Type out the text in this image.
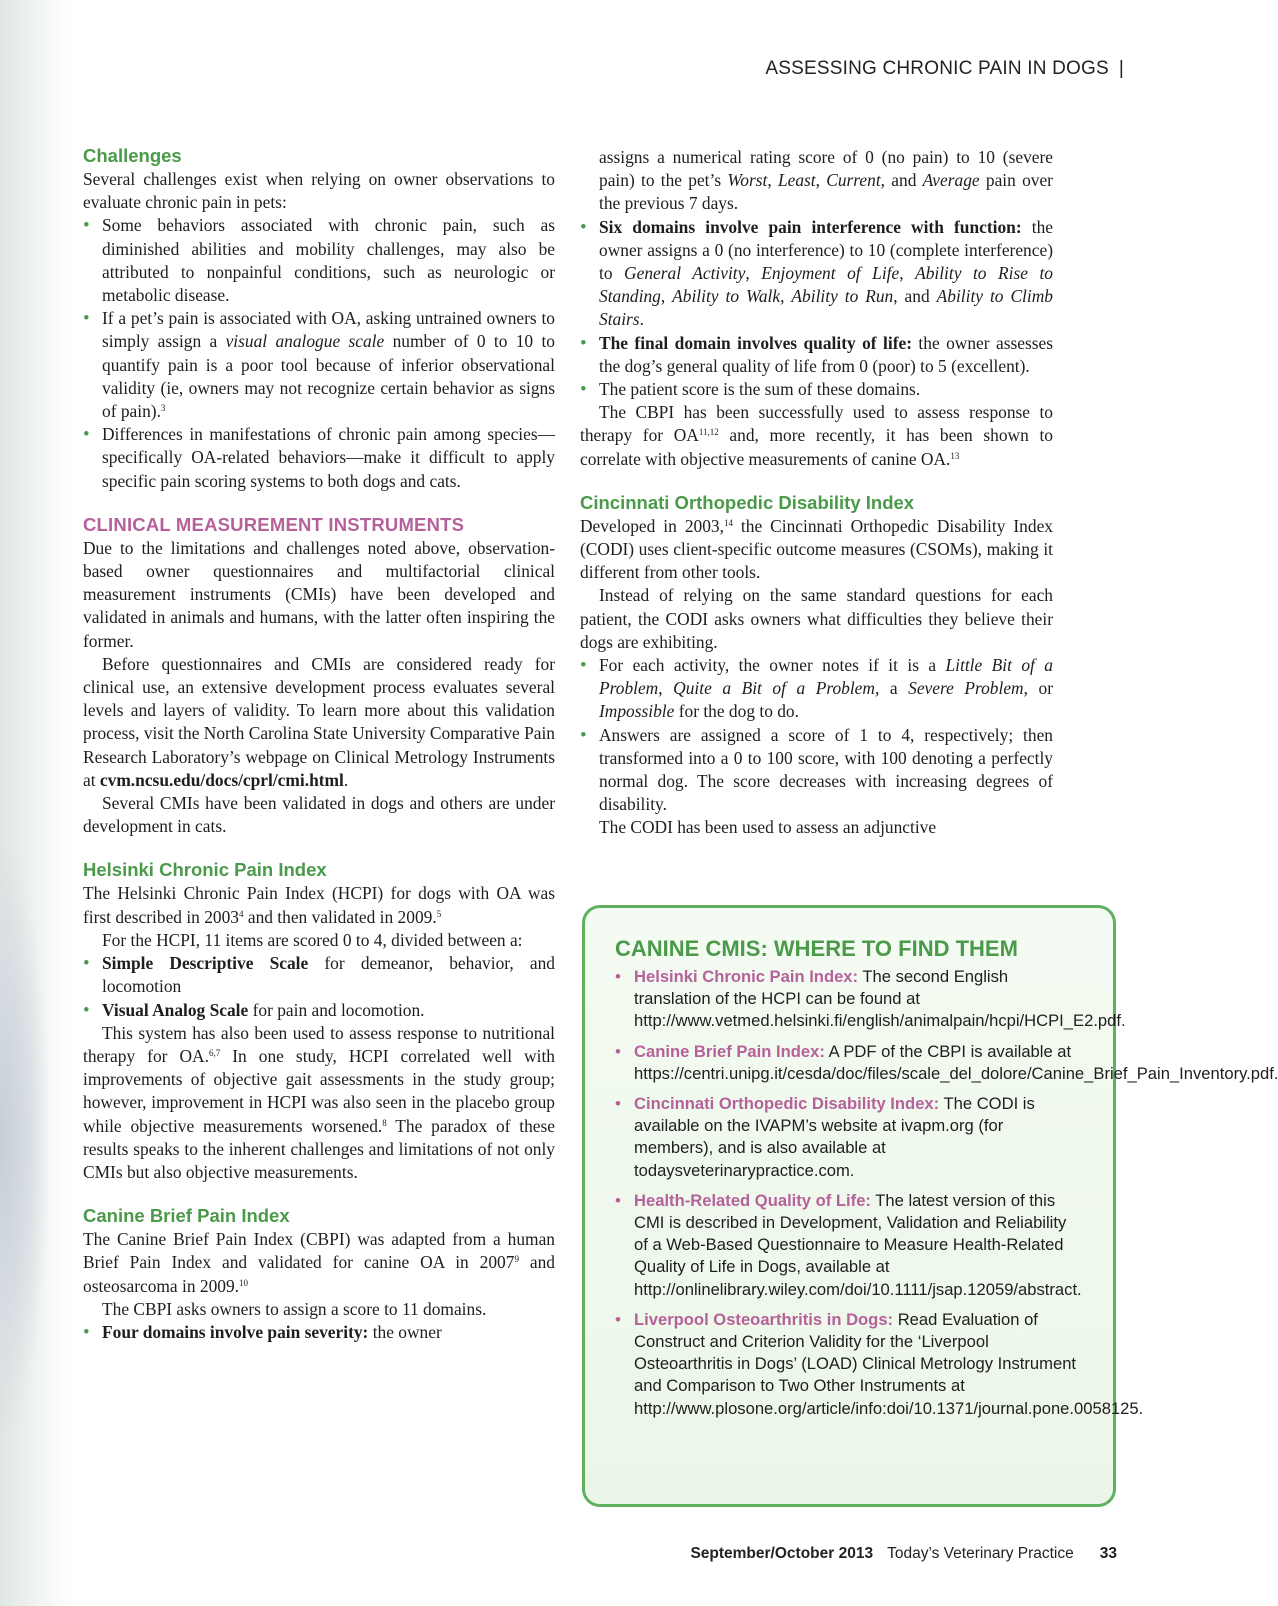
ASSESSING CHRONIC PAIN IN DOGS |
Challenges

Several challenges exist when relying on owner observations to evaluate chronic pain in pets:

• Some behaviors associated with chronic pain, such as diminished abilities and mobility challenges, may also be attributed to nonpainful conditions, such as neurologic or metabolic disease.
• If a pet’s pain is associated with OA, asking untrained owners to simply assign a visual analogue scale number of 0 to 10 to quantify pain is a poor tool because of inferior observational validity (ie, owners may not recognize certain behavior as signs of pain).$^3$
• Differences in manifestations of chronic pain among species—specifically OA-related behaviors—make it difficult to apply specific pain scoring systems to both dogs and cats.
CLINICAL MEASUREMENT INSTRUMENTS

Due to the limitations and challenges noted above, observation-based owner questionnaires and multifactorial clinical measurement instruments (CMIs) have been developed and validated in animals and humans, with the latter often inspiring the former.

Before questionnaires and CMIs are considered ready for clinical use, an extensive development process evaluates several levels and layers of validity. To learn more about this validation process, visit the North Carolina State University Comparative Pain Research Laboratory’s webpage on Clinical Metrology Instruments at cvm.ncsu.edu/docs/cprl/cmi.html.

Several CMIs have been validated in dogs and others are under development in cats.

Helsinki Chronic Pain Index

The Helsinki Chronic Pain Index (HCPI) for dogs with OA was first described in 2003$^4$ and then validated in 2009.$^5$

For the HCPI, 11 items are scored 0 to 4, divided between a:

• Simple Descriptive Scale for demeanor, behavior, and locomotion
• Visual Analog Scale for pain and locomotion.

This system has also been used to assess response to nutritional therapy for OA.$^{6,7}$ In one study, HCPI correlated well with improvements of objective gait assessments in the study group; however, improvement in HCPI was also seen in the placebo group while objective measurements worsened.$^8$ The paradox of these results speaks to the inherent challenges and limitations of not only CMIs but also objective measurements.

Canine Brief Pain Index

The Canine Brief Pain Index (CBPI) was adapted from a human Brief Pain Index and validated for canine OA in 2007$^9$ and osteosarcoma in 2009.10

The CBPI asks owners to assign a score to 11 domains.

• Four domains involve pain severity: the owner

assigns a numerical rating score of 0 (no pain) to 10 (severe pain) to the pet’s Worst, Least, Current, and Average pain over the previous 7 days.

• Six domains involve pain interference with function: the owner assigns a 0 (no interference) to 10 (complete interference) to General Activity, Enjoyment of Life, Ability to Rise to Standing, Ability to Walk, Ability to Run, and Ability to Climb Stairs.
• The final domain involves quality of life: the owner assesses the dog’s general quality of life from 0 (poor) to 5 (excellent).
• The patient score is the sum of these domains.

The CBPI has been successfully used to assess response to therapy for OA$^{11,12}$ and, more recently, it has been shown to correlate with objective measurements of canine OA.$^{13}$

Cincinnati Orthopedic Disability Index

Developed in 2003,14 the Cincinnati Orthopedic Disability Index (CODI) uses client-specific outcome measures (CSOMs), making it different from other tools.

Instead of relying on the same standard questions for each patient, the CODI asks owners what difficulties they believe their dogs are exhibiting.

• For each activity, the owner notes if it is a Little Bit of a Problem, Quite a Bit of a Problem, a Severe Problem, or Impossible for the dog to do.
• Answers are assigned a score of 1 to 4, respectively; then transformed into a 0 to 100 score, with 100 denoting a perfectly normal dog. The score decreases with increasing degrees of disability.

The CODI has been used to assess an adjunctive

CANINE CMIS: WHERE TO FIND THEM
• Helsinki Chronic Pain Index: The second English translation of the HCPI can be found at http://www.vetmed.helsinki.fi/english/animalpain/hcpi/HCPI_E2.pdf.
• Canine Brief Pain Index: A PDF of the CBPI is available at https://centri.unipg.it/cesda/doc/files/scale_del_dolore/Canine_Brief_Pain_Inventory.pdf.
• Cincinnati Orthopedic Disability Index: The CODI is available on the IVAPM’s website at ivapm.org (for members), and is also available at todaysveterinarypractice.com.
• Health-Related Quality of Life: The latest version of this CMI is described in Development, Validation and Reliability of a Web-Based Questionnaire to Measure Health-Related Quality of Life in Dogs, available at http://onlinelibrary.wiley.com/doi/10.1111/jsap.12059/abstract.
• Liverpool Osteoarthritis in Dogs: Read Evaluation of Construct and Criterion Validity for the ‘Liverpool Osteoarthritis in Dogs’ (LOAD) Clinical Metrology Instrument and Comparison to Two Other Instruments at http://www.plosone.org/article/info:doi/10.1371/journal.pone.0058125.
September/October 2013 Today’s Veterinary Practice 33
